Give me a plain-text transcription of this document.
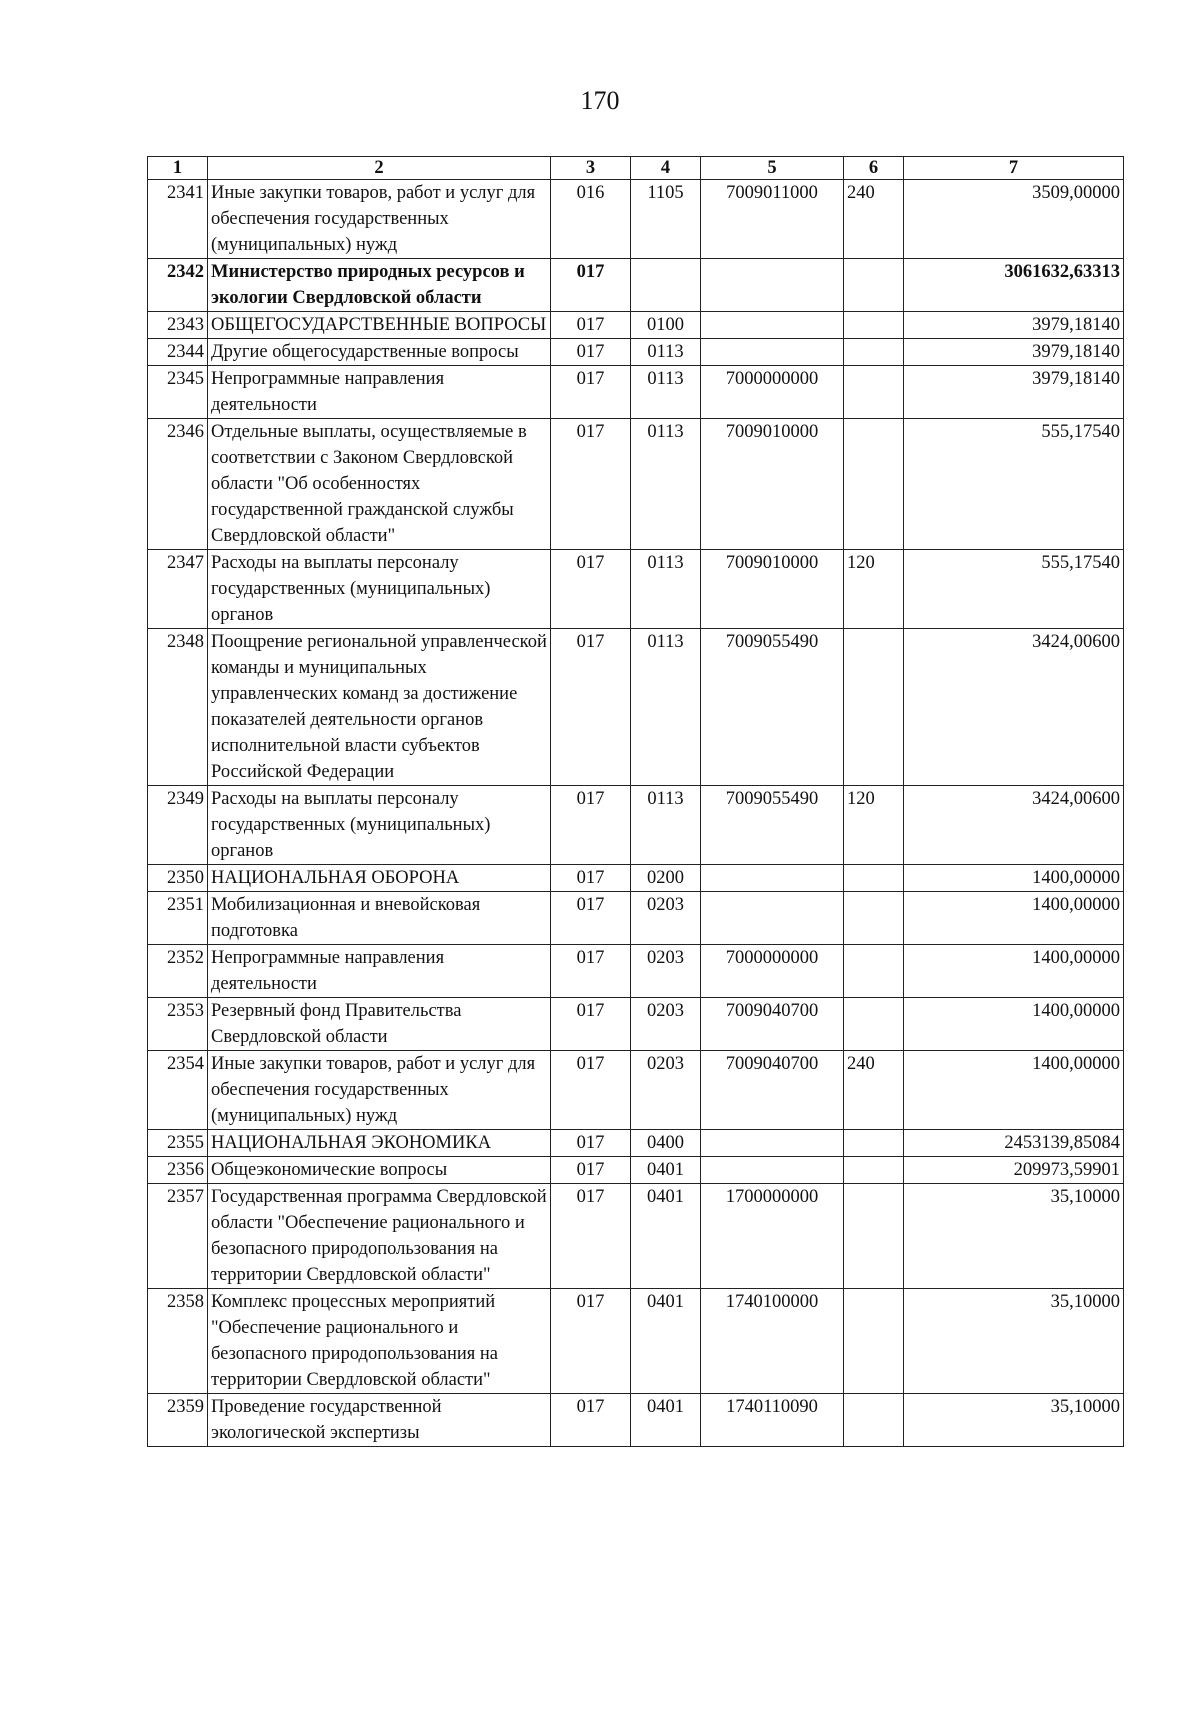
170
1	2	3	4	5	6	7
2341	Иные закупки товаров, работ и услуг для обеспечения государственных (муниципальных) нужд	016	1105	7009011000	240	3509,00000
2342	Министерство природных ресурсов и экологии Свердловской области	017				3061632,63313
2343	ОБЩЕГОСУДАРСТВЕННЫЕ ВОПРОСЫ	017	0100			3979,18140
2344	Другие общегосударственные вопросы	017	0113			3979,18140
2345	Непрограммные направления деятельности	017	0113	7000000000		3979,18140
2346	Отдельные выплаты, осуществляемые в соответствии с Законом Свердловской области "Об особенностях государственной гражданской службы Свердловской области"	017	0113	7009010000		555,17540
2347	Расходы на выплаты персоналу государственных (муниципальных) органов	017	0113	7009010000	120	555,17540
2348	Поощрение региональной управленческой команды и муниципальных управленческих команд за достижение показателей деятельности органов исполнительной власти субъектов Российской Федерации	017	0113	7009055490		3424,00600
2349	Расходы на выплаты персоналу государственных (муниципальных) органов	017	0113	7009055490	120	3424,00600
2350	НАЦИОНАЛЬНАЯ ОБОРОНА	017	0200			1400,00000
2351	Мобилизационная и вневойсковая подготовка	017	0203			1400,00000
2352	Непрограммные направления деятельности	017	0203	7000000000		1400,00000
2353	Резервный фонд Правительства Свердловской области	017	0203	7009040700		1400,00000
2354	Иные закупки товаров, работ и услуг для обеспечения государственных (муниципальных) нужд	017	0203	7009040700	240	1400,00000
2355	НАЦИОНАЛЬНАЯ ЭКОНОМИКА	017	0400			2453139,85084
2356	Общеэкономические вопросы	017	0401			209973,59901
2357	Государственная программа Свердловской области "Обеспечение рационального и безопасного природопользования на территории Свердловской области"	017	0401	1700000000		35,10000
2358	Комплекс процессных мероприятий "Обеспечение рационального и безопасного природопользования на территории Свердловской области"	017	0401	1740100000		35,10000
2359	Проведение государственной экологической экспертизы	017	0401	1740110090		35,10000
